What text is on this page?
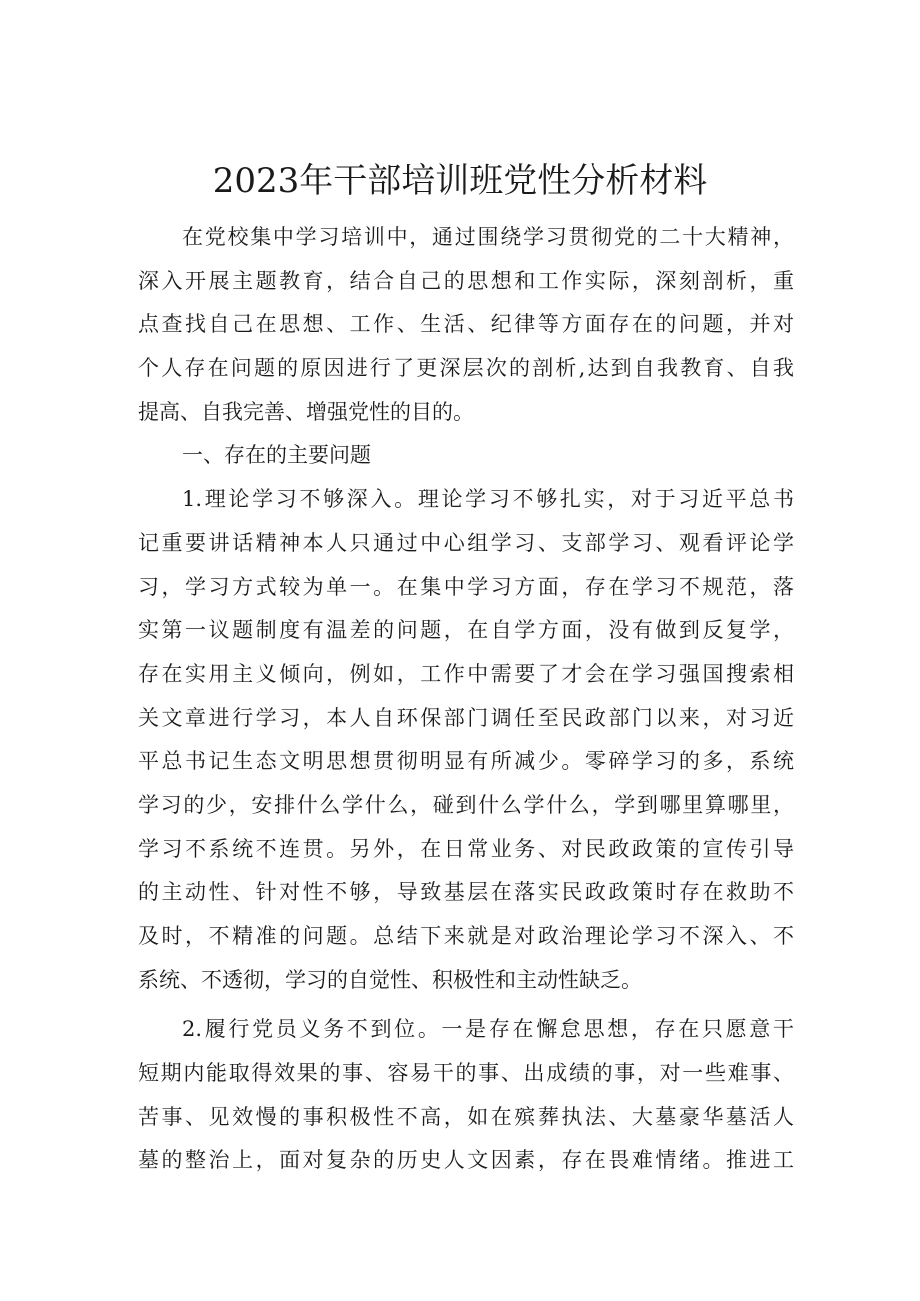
2023年干部培训班党性分析材料
在党校集中学习培训中，通过围绕学习贯彻党的二十大精神，
深入开展主题教育，结合自己的思想和工作实际，深刻剖析，重
点查找自己在思想、工作、生活、纪律等方面存在的问题，并对
个人存在问题的原因进行了更深层次的剖析,达到自我教育、自我
提高、自我完善、增强党性的目的。
一、存在的主要问题
1.理论学习不够深入。理论学习不够扎实，对于习近平总书
记重要讲话精神本人只通过中心组学习、支部学习、观看评论学
习，学习方式较为单一。在集中学习方面，存在学习不规范，落
实第一议题制度有温差的问题，在自学方面，没有做到反复学，
存在实用主义倾向，例如，工作中需要了才会在学习强国搜索相
关文章进行学习，本人自环保部门调任至民政部门以来，对习近
平总书记生态文明思想贯彻明显有所减少。零碎学习的多，系统
学习的少，安排什么学什么，碰到什么学什么，学到哪里算哪里，
学习不系统不连贯。另外，在日常业务、对民政政策的宣传引导
的主动性、针对性不够，导致基层在落实民政政策时存在救助不
及时，不精准的问题。总结下来就是对政治理论学习不深入、不
系统、不透彻，学习的自觉性、积极性和主动性缺乏。
2.履行党员义务不到位。一是存在懈怠思想，存在只愿意干
短期内能取得效果的事、容易干的事、出成绩的事，对一些难事、
苦事、见效慢的事积极性不高，如在殡葬执法、大墓豪华墓活人
墓的整治上，面对复杂的历史人文因素，存在畏难情绪。推进工
